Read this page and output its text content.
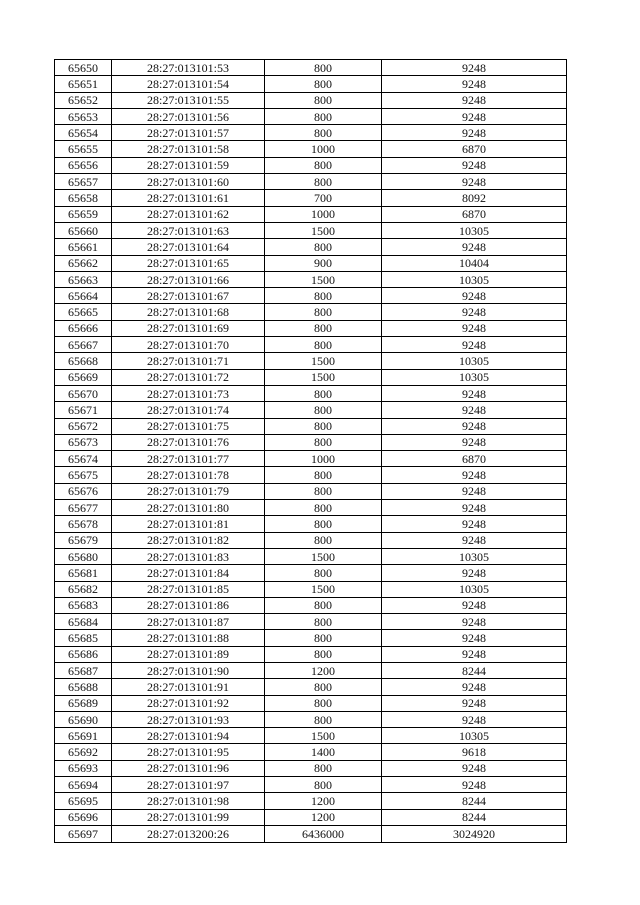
65650	28:27:013101:53	800	9248
65651	28:27:013101:54	800	9248
65652	28:27:013101:55	800	9248
65653	28:27:013101:56	800	9248
65654	28:27:013101:57	800	9248
65655	28:27:013101:58	1000	6870
65656	28:27:013101:59	800	9248
65657	28:27:013101:60	800	9248
65658	28:27:013101:61	700	8092
65659	28:27:013101:62	1000	6870
65660	28:27:013101:63	1500	10305
65661	28:27:013101:64	800	9248
65662	28:27:013101:65	900	10404
65663	28:27:013101:66	1500	10305
65664	28:27:013101:67	800	9248
65665	28:27:013101:68	800	9248
65666	28:27:013101:69	800	9248
65667	28:27:013101:70	800	9248
65668	28:27:013101:71	1500	10305
65669	28:27:013101:72	1500	10305
65670	28:27:013101:73	800	9248
65671	28:27:013101:74	800	9248
65672	28:27:013101:75	800	9248
65673	28:27:013101:76	800	9248
65674	28:27:013101:77	1000	6870
65675	28:27:013101:78	800	9248
65676	28:27:013101:79	800	9248
65677	28:27:013101:80	800	9248
65678	28:27:013101:81	800	9248
65679	28:27:013101:82	800	9248
65680	28:27:013101:83	1500	10305
65681	28:27:013101:84	800	9248
65682	28:27:013101:85	1500	10305
65683	28:27:013101:86	800	9248
65684	28:27:013101:87	800	9248
65685	28:27:013101:88	800	9248
65686	28:27:013101:89	800	9248
65687	28:27:013101:90	1200	8244
65688	28:27:013101:91	800	9248
65689	28:27:013101:92	800	9248
65690	28:27:013101:93	800	9248
65691	28:27:013101:94	1500	10305
65692	28:27:013101:95	1400	9618
65693	28:27:013101:96	800	9248
65694	28:27:013101:97	800	9248
65695	28:27:013101:98	1200	8244
65696	28:27:013101:99	1200	8244
65697	28:27:013200:26	6436000	3024920
